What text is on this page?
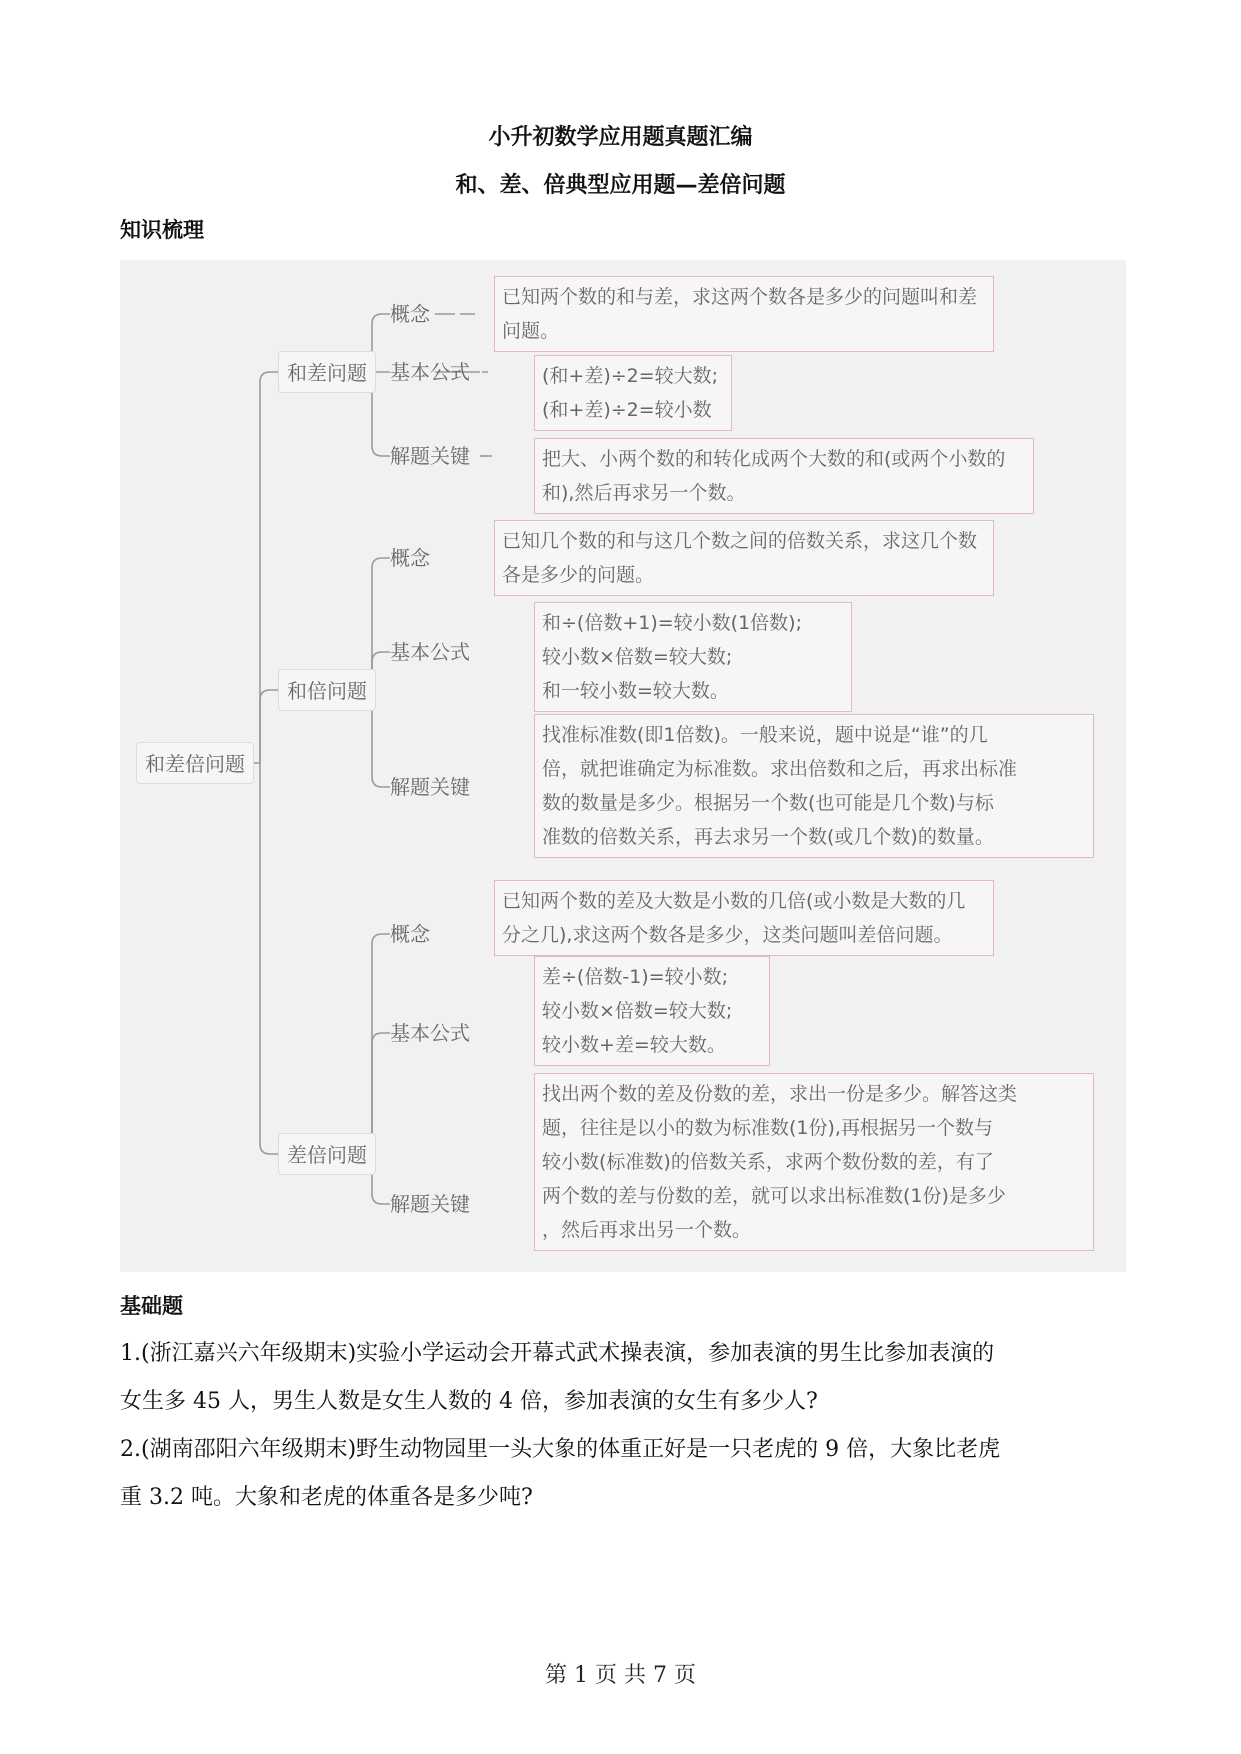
小升初数学应用题真题汇编
和、差、倍典型应用题—差倍问题
知识梳理
和差倍问题
和差问题
和倍问题
差倍问题
概念
基本公式
解题关键
已知两个数的和与差，求这两个数各是多少的问题叫和差
问题。
(和+差)÷2=较大数;
(和+差)÷2=较小数
把大、小两个数的和转化成两个大数的和(或两个小数的
和),然后再求另一个数。
概念
基本公式
解题关键
已知几个数的和与这几个数之间的倍数关系，求这几个数
各是多少的问题。
和÷(倍数+1)=较小数(1倍数);
较小数×倍数=较大数;
和一较小数=较大数。
找准标准数(即1倍数)。一般来说，题中说是“谁”的几
倍，就把谁确定为标准数。求出倍数和之后，再求出标准
数的数量是多少。根据另一个数(也可能是几个数)与标
准数的倍数关系，再去求另一个数(或几个数)的数量。
概念
基本公式
解题关键
已知两个数的差及大数是小数的几倍(或小数是大数的几
分之几),求这两个数各是多少，这类问题叫差倍问题。
差÷(倍数-1)=较小数;
较小数×倍数=较大数;
较小数+差=较大数。
找出两个数的差及份数的差，求出一份是多少。解答这类
题，往往是以小的数为标准数(1份),再根据另一个数与
较小数(标准数)的倍数关系，求两个数份数的差，有了
两个数的差与份数的差，就可以求出标准数(1份)是多少
，然后再求出另一个数。
基础题
1.(浙江嘉兴六年级期末)实验小学运动会开幕式武术操表演，参加表演的男生比参加表演的
女生多 45 人，男生人数是女生人数的 4 倍，参加表演的女生有多少人?
2.(湖南邵阳六年级期末)野生动物园里一头大象的体重正好是一只老虎的 9 倍，大象比老虎
重 3.2 吨。大象和老虎的体重各是多少吨?
第 1 页 共 7 页
